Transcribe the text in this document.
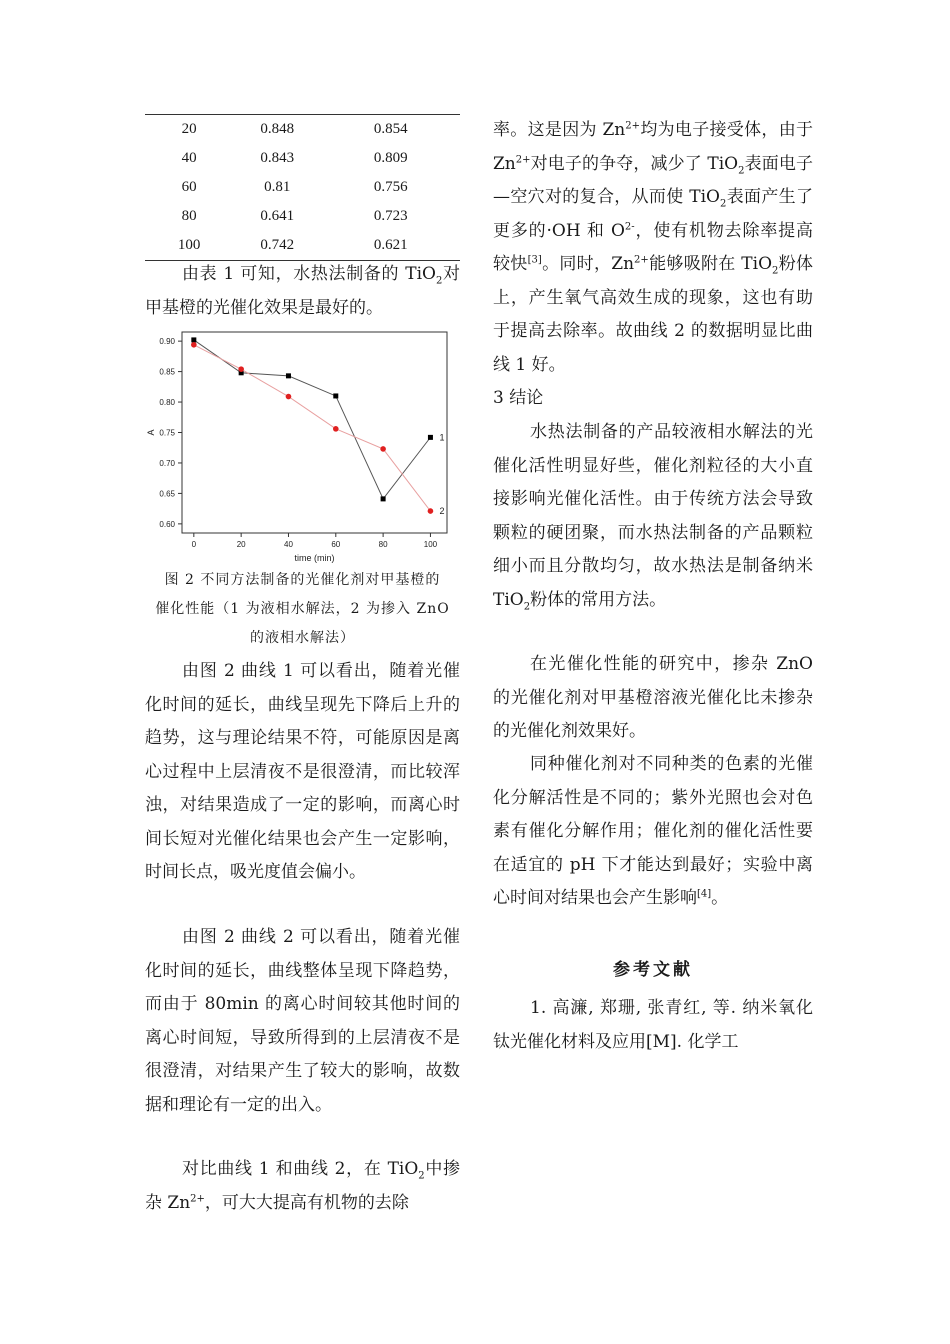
20	0.848	0.854
40	0.843	0.809
60	0.81	0.756
80	0.641	0.723
100	0.742	0.621
由表 1 可知，水热法制备的 TiO$_2$对甲基橙的光催化效果是最好的。
0.90
0.85
0.80
0.75
0.70
0.65
0.60
0	20	40	60	80	100
time (min)
A	1
2
图 2 不同方法制备的光催化剂对甲基橙的
催化性能（1 为液相水解法，2 为掺入 ZnO
的液相水解法）
由图 2 曲线 1 可以看出，随着光催化时间的延长，曲线呈现先下降后上升的趋势，这与理论结果不符，可能原因是离心过程中上层清夜不是很澄清，而比较浑浊，对结果造成了一定的影响，而离心时间长短对光催化结果也会产生一定影响，时间长点，吸光度值会偏小。
由图 2 曲线 2 可以看出，随着光催化时间的延长，曲线整体呈现下降趋势，而由于 80min 的离心时间较其他时间的离心时间短，导致所得到的上层清夜不是很澄清，对结果产生了较大的影响，故数据和理论有一定的出入。
对比曲线 1 和曲线 2，在 TiO$_2$中掺杂 $Zn^{2+}$，可大大提高有机物的去除
率。这是因为 $Zn^{2+}$均为电子接受体，由于 $Zn^{2+}$对电子的争夺，减少了 TiO$_2$表面电子—空穴对的复合，从而使 TiO$_2$表面产生了更多的·OH 和 $O^{2-}$，使有机物去除率提高较快[3]。同时，$Zn^{2+}$能够吸附在 TiO$_2$粉体上，产生氧气高效生成的现象，这也有助于提高去除率。故曲线 2 的数据明显比曲线 1 好。
3 结论
水热法制备的产品较液相水解法的光催化活性明显好些，催化剂粒径的大小直接影响光催化活性。由于传统方法会导致颗粒的硬团聚，而水热法制备的产品颗粒细小而且分散均匀，故水热法是制备纳米 TiO$_2$粉体的常用方法。
在光催化性能的研究中，掺杂 ZnO 的光催化剂对甲基橙溶液光催化比未掺杂的光催化剂效果好。
同种催化剂对不同种类的色素的光催化分解活性是不同的；紫外光照也会对色素有催化分解作用；催化剂的催化活性要在适宜的 pH 下才能达到最好；实验中离心时间对结果也会产生影响[4]。
参考文献
1. 高濂, 郑珊, 张青红, 等. 纳米氧化钛光催化材料及应用[M]. 化学工
